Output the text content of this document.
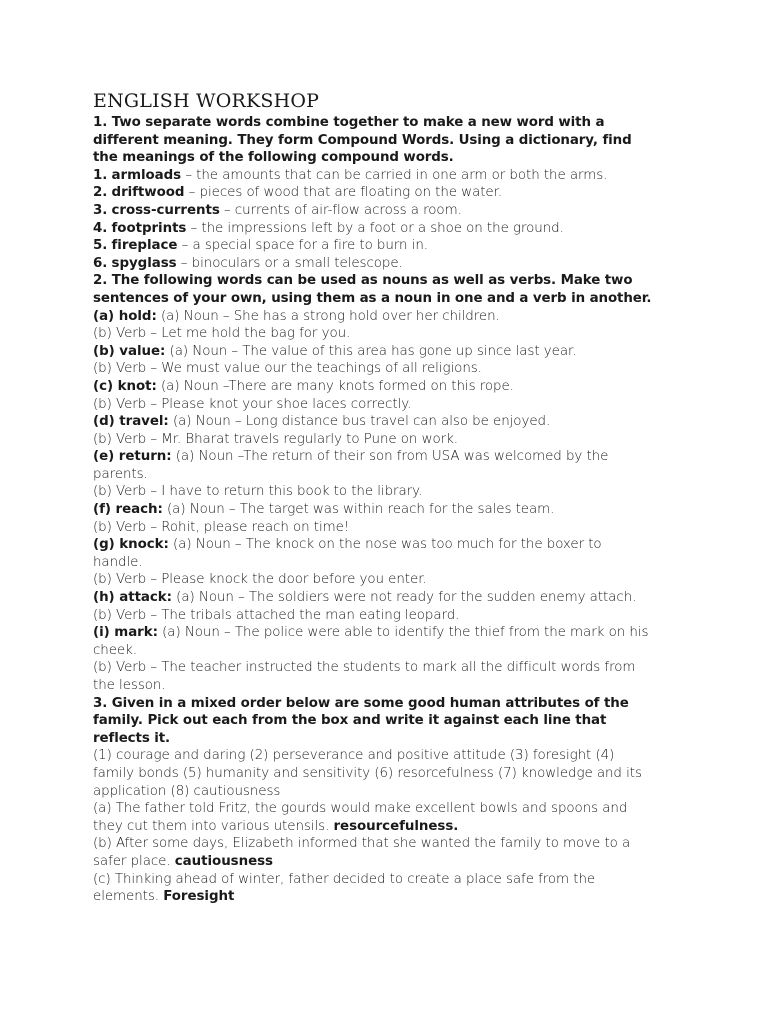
ENGLISH WORKSHOP
1. Two separate words combine together to make a new word with a
different meaning. They form Compound Words. Using a dictionary, find
the meanings of the following compound words.
1. armloads – the amounts that can be carried in one arm or both the arms.
2. driftwood – pieces of wood that are floating on the water.
3. cross-currents – currents of air-flow across a room.
4. footprints – the impressions left by a foot or a shoe on the ground.
5. fireplace – a special space for a fire to burn in.
6. spyglass – binoculars or a small telescope.
2. The following words can be used as nouns as well as verbs. Make two
sentences of your own, using them as a noun in one and a verb in another.
(a) hold: (a) Noun – She has a strong hold over her children.
(b) Verb – Let me hold the bag for you.
(b) value: (a) Noun – The value of this area has gone up since last year.
(b) Verb – We must value our the teachings of all religions.
(c) knot: (a) Noun –There are many knots formed on this rope.
(b) Verb – Please knot your shoe laces correctly.
(d) travel: (a) Noun – Long distance bus travel can also be enjoyed.
(b) Verb – Mr. Bharat travels regularly to Pune on work.
(e) return: (a) Noun –The return of their son from USA was welcomed by the
parents.
(b) Verb – I have to return this book to the library.
(f) reach: (a) Noun – The target was within reach for the sales team.
(b) Verb – Rohit, please reach on time!
(g) knock: (a) Noun – The knock on the nose was too much for the boxer to
handle.
(b) Verb – Please knock the door before you enter.
(h) attack: (a) Noun – The soldiers were not ready for the sudden enemy attach.
(b) Verb – The tribals attached the man eating leopard.
(i) mark: (a) Noun – The police were able to identify the thief from the mark on his
cheek.
(b) Verb – The teacher instructed the students to mark all the difficult words from
the lesson.
3. Given in a mixed order below are some good human attributes of the
family. Pick out each from the box and write it against each line that
reflects it.
(1) courage and daring (2) perseverance and positive attitude (3) foresight (4)
family bonds (5) humanity and sensitivity (6) resorcefulness (7) knowledge and its
application (8) cautiousness
(a) The father told Fritz, the gourds would make excellent bowls and spoons and
they cut them into various utensils. resourcefulness.
(b) After some days, Elizabeth informed that she wanted the family to move to a
safer place. cautiousness
(c) Thinking ahead of winter, father decided to create a place safe from the
elements. Foresight
